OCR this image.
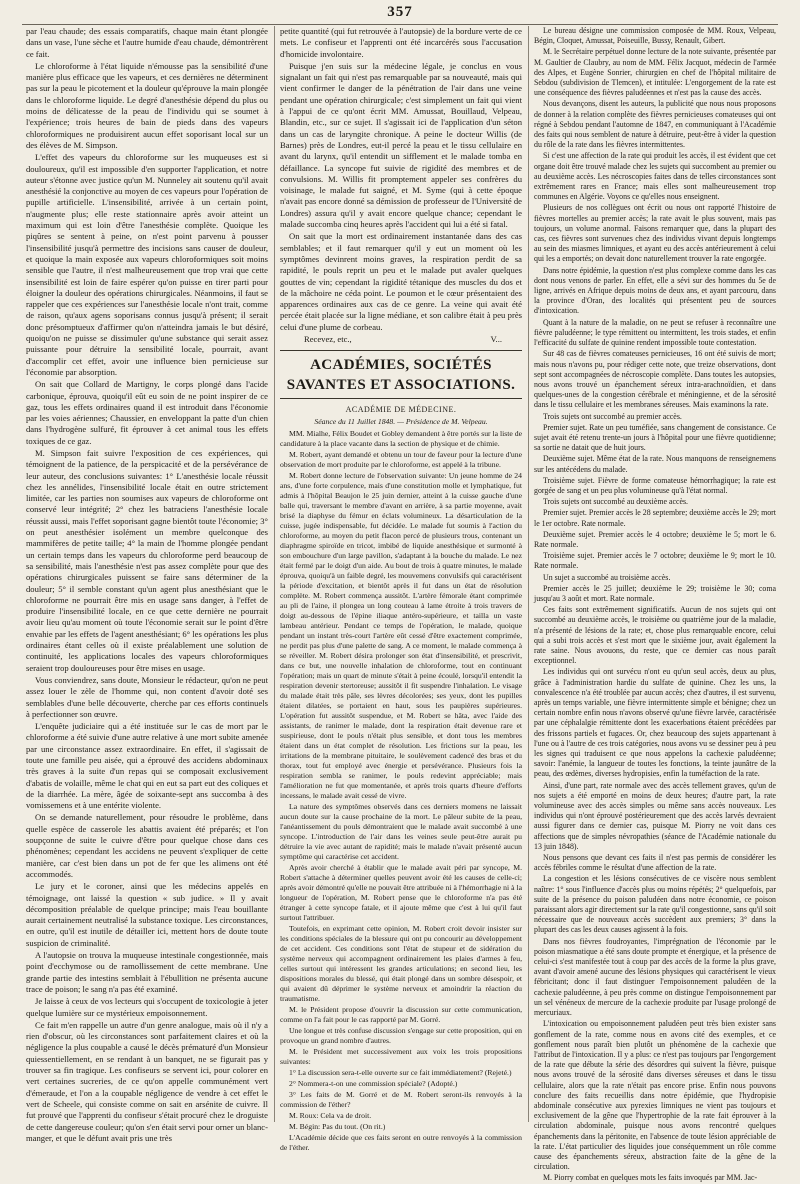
357

par l'eau chaude; des essais comparatifs, chaque main étant plongée dans un vase, l'une sèche et l'autre humide d'eau chaude, démontrèrent ce fait.

Le chloroforme à l'état liquide n'émousse pas la sensibilité d'une manière plus efficace que les vapeurs, et ces dernières ne déterminent pas sur la peau le picotement et la douleur qu'éprouve la main plongée dans le chloroforme liquide. Le degré d'anesthésie dépend du plus ou moins de délicatesse de la peau de l'individu qui se soumet à l'expérience; trois heures de bain de pieds dans des vapeurs chloroformiques ne produisirent aucun effet soporisant local sur un des élèves de M. Simpson.

L'effet des vapeurs du chloroforme sur les muqueuses est si douloureux, qu'il est impossible d'en supporter l'application, et notre auteur s'étonne avec justice qu'un M. Nunneley ait soutenu qu'il avait anesthésié la conjonctive au moyen de ces vapeurs pour l'opération de pupille artificielle. L'insensibilité, arrivée à un certain point, n'augmente plus; elle reste stationnaire après avoir atteint un maximum qui est loin d'être l'anesthésie complète. Quoique les piqûres se sentent à peine, on n'est point parvenu à pousser l'insensibilité jusqu'à permettre des incisions sans causer de douleur, et quoique la main exposée aux vapeurs chloroformiques soit moins sensible que l'autre, il n'est malheureusement que trop vrai que cette insensibilité est loin de faire espérer qu'on puisse en tirer parti pour éloigner la douleur des opérations chirurgicales. Néanmoins, il faut se rappeler que ces expériences sur l'anesthésie locale n'ont trait, comme de raison, qu'aux agens soporisans connus jusqu'à présent; il serait donc présomptueux d'affirmer qu'on n'atteindra jamais le but désiré, quoiqu'on ne puisse se dissimuler qu'une substance qui serait assez puissante pour détruire la sensibilité locale, pourrait, avant d'accomplir cet effet, avoir une influence bien pernicieuse sur l'économie par absorption.

On sait que Collard de Martigny, le corps plongé dans l'acide carbonique, éprouva, quoiqu'il eût eu soin de ne point inspirer de ce gaz, tous les effets ordinaires quand il est introduit dans l'économie par les voies aériennes; Chaussier, en enveloppant la patte d'un chien dans l'hydrogène sulfuré, fit éprouver à cet animal tous les effets toxiques de ce gaz.

M. Simpson fait suivre l'exposition de ces expériences, qui témoignent de la patience, de la perspicacité et de la persévérance de leur auteur, des conclusions suivantes: 1° L'anesthésie locale réussit chez les annélides, l'insensibilité locale était en outre strictement limitée, car les parties non soumises aux vapeurs de chloroforme ont conservé leur intégrité; 2° chez les batraciens l'anesthésie locale réussit aussi, mais l'effet soporisant gagne bientôt toute l'économie; 3° on peut anesthésier isolément un membre quelconque des mammifères de petite taille; 4° la main de l'homme plongée pendant un certain temps dans les vapeurs du chloroforme perd beaucoup de sa sensibilité, mais l'anesthésie n'est pas assez complète pour que des opérations chirurgicales puissent se faire sans déterminer de la douleur; 5° il semble constant qu'un agent plus anesthésiant que le chloroforme ne pourrait être mis en usage sans danger, à l'effet de produire l'insensibilité locale, en ce que cette dernière ne pourrait avoir lieu qu'au moment où toute l'économie serait sur le point d'être envahie par les effets de l'agent anesthésiant; 6° les opérations les plus ordinaires étant celles où il existe préalablement une solution de continuité, les applications locales des vapeurs chloroformiques seraient trop douloureuses pour être mises en usage.

Vous conviendrez, sans doute, Monsieur le rédacteur, qu'on ne peut assez louer le zèle de l'homme qui, non content d'avoir doté ses semblables d'une belle découverte, cherche par ces efforts continuels à perfectionner son œuvre.

L'enquête judiciaire qui a été instituée sur le cas de mort par le chloroforme a été suivie d'une autre relative à une mort subite amenée par une circonstance assez extraordinaire. En effet, il s'agissait de toute une famille peu aisée, qui a éprouvé des accidens abdominaux très graves à la suite d'un repas qui se composait exclusivement d'abatis de volaille, même le chat qui en eut sa part eut des coliques et de la diarrhée. La mère, âgée de soixante-sept ans succomba à des vomissemens et à une entérite violente.

On se demande naturellement, pour résoudre le problème, dans quelle espèce de casserole les abattis avaient été préparés; et l'on soupçonne de suite le cuivre d'être pour quelque chose dans ces phénomènes; cependant les accidens ne peuvent s'expliquer de cette manière, car c'est bien dans un pot de fer que les alimens ont été accommodés.

Le jury et le coroner, ainsi que les médecins appelés en témoignage, ont laissé la question « sub judice. » Il y avait décomposition préalable de quelque principe; mais l'eau bouillante aurait certainement neutralisé la substance toxique. Les circonstances, en outre, qu'il est inutile de détailler ici, mettent hors de doute toute suspicion de criminalité.

A l'autopsie on trouva la muqueuse intestinale congestionnée, mais point d'ecchymose ou de ramollissement de cette membrane. Une grande partie des intestins semblait à l'ébullition ne présenta aucune trace de poison; le sang n'a pas été examiné.

Je laisse à ceux de vos lecteurs qui s'occupent de toxicologie à jeter quelque lumière sur ce mystérieux empoisonnement.

Ce fait m'en rappelle un autre d'un genre analogue, mais où il n'y a rien d'obscur, où les circonstances sont parfaitement claires et où la négligence la plus coupable a causé le décès prématuré d'un Monsieur quiessentiellement, en se rendant à un banquet, ne se figurait pas y trouver sa fin tragique. Les confiseurs se servent ici, pour colorer en vert certaines sucreries, de ce qu'on appelle communément vert d'émeraude, et l'on a la coupable négligence de vendre à cet effet le vert de Scheele, qui consiste comme on sait en arsénite de cuivre. Il fut prouvé que l'apprenti du confiseur s'était procuré chez le droguiste de cette dangereuse couleur; qu'on s'en était servi pour orner un blanc-manger, et que le défunt avait pris une très

petite quantité (qui fut retrouvée à l'autopsie) de la bordure verte de ce mets. Le confiseur et l'apprenti ont été incarcérés sous l'accusation d'homicide involontaire.

Puisque j'en suis sur la médecine légale, je conclus en vous signalant un fait qui n'est pas remarquable par sa nouveauté, mais qui vient confirmer le danger de la pénétration de l'air dans une veine pendant une opération chirurgicale; c'est simplement un fait qui vient à l'appui de ce qu'ont écrit MM. Amussat, Bouillaud, Velpeau, Blandin, etc., sur ce sujet. Il s'agissait ici de l'application d'un séton dans un cas de laryngite chronique. A peine le docteur Willis (de Barnes) près de Londres, eut-il percé la peau et le tissu cellulaire en avant du larynx, qu'il entendit un sifflement et le malade tomba en défaillance. La syncope fut suivie de rigidité des membres et de convulsions. M. Willis fit promptement appeler ses confrères du voisinage, le malade fut saigné, et M. Syme (qui à cette époque n'avait pas encore donné sa démission de professeur de l'Université de Londres) assura qu'il y avait encore quelque chance; cependant le malade succomba cinq heures après l'accident qui lui a été si fatal.

On sait que la mort est ordinairement instantanée dans des cas semblables; et il faut remarquer qu'il y eut un moment où les symptômes devinrent moins graves, la respiration perdit de sa rapidité, le pouls reprit un peu et le malade put avaler quelques gouttes de vin; cependant la rigidité tétanique des muscles du dos et de la mâchoire ne céda point. Le poumon et le cœur présentaient des apparences ordinaires aux cas de ce genre. La veine qui avait été percée était placée sur la ligne médiane, et son calibre était à peu près celui d'une plume de corbeau.

Recevez, etc.,	V...

ACADÉMIES, SOCIÉTÉS SAVANTES ET ASSOCIATIONS.
ACADÉMIE DE MÉDECINE.
Séance du 11 Juillet 1848. — Présidence de M. Velpeau.

MM. Mialhe, Félix Boudet et Gobley demandent à être portés sur la liste de candidature à la place vacante dans la section de physique et de chimie.

M. Robert, ayant demandé et obtenu un tour de faveur pour la lecture d'une observation de mort produite par le chloroforme, est appelé à la tribune.

M. Robert donne lecture de l'observation suivante: Un jeune homme de 24 ans, d'une forte corpulence, mais d'une constitution molle et lymphatique, fut admis à l'hôpital Beaujon le 25 juin dernier, atteint à la cuisse gauche d'une balle qui, traversant le membre d'avant en arrière, à sa partie moyenne, avait brisé la diaphyse du fémur en éclats volumineux. La désarticulation de la cuisse, jugée indispensable, fut décidée. Le malade fut soumis à l'action du chloroforme, au moyen du petit flacon percé de plusieurs trous, contenant un diaphragme spiroïde en tricot, imbibé de liquide anesthésique et surmonté à son embouchure d'un large pavillon, s'adaptant à la bouche du malade. Le nez était fermé par le doigt d'un aide. Au bout de trois à quatre minutes, le malade éprouva, quoiqu'à un faible degré, les mouvemens convulsifs qui caractérisent la période d'excitation, et bientôt après il fut dans un état de résolution complète. M. Robert commença aussitôt. L'artère fémorale étant comprimée au pli de l'aine, il plongea un long couteau à lame étroite à trois travers de doigt au-dessous de l'épine iliaque antéro-supérieure, et tailla un vaste lambeau antérieur. Pendant ce temps de l'opération, le malade, quoique pendant un instant très-court l'artère eût cessé d'être exactement comprimée, ne perdit pas plus d'une palette de sang. A ce moment, le malade commença à se réveiller. M. Robert désira prolonger son état d'insensibilité, et prescrivit, dans ce but, une nouvelle inhalation de chloroforme, tout en continuant l'opération; mais un quart de minute s'était à peine écoulé, lorsqu'il entendit la respiration devenir stertoreuse; aussitôt il fit suspendre l'inhalation. Le visage du malade était très pâle, ses lèvres décolorées; ses yeux, dont les pupilles étaient dilatées, se portaient en haut, sous les paupières supérieures. L'opération fut aussitôt suspendue, et M. Robert se hâta, avec l'aide des assistants, de ranimer le malade, dont la respiration était devenue rare et suspirieuse, dont le pouls n'était plus sensible, et dont tous les membres étaient dans un état complet de résolution. Les frictions sur la peau, les irritations de la membrane pituitaire, le soulèvement cadencé des bras et du thorax, tout fut employé avec énergie et persévérance. Plusieurs fois la respiration sembla se ranimer, le pouls redevint appréciable; mais l'amélioration ne fut que momentanée, et après trois quarts d'heure d'efforts incessans, le malade avait cessé de vivre.

La nature des symptômes observés dans ces derniers momens ne laissait aucun doute sur la cause prochaine de la mort. Le pâleur subite de la peau, l'anéantissement du pouls démontraient que le malade avait succombé à une syncope. L'introduction de l'air dans les veines seule peut-être aurait pu détruire la vie avec autant de rapidité; mais le malade n'avait présenté aucun symptôme qui caractérise cet accident.

Après avoir cherché à établir que le malade avait péri par syncope, M. Robert s'attache à déterminer quelles peuvent avoir été les causes de celle-ci; après avoir démontré qu'elle ne pouvait être attribuée ni à l'hémorrhagie ni à la longueur de l'opération, M. Robert pense que le chloroforme n'a pas été étranger à cette syncope fatale, et il ajoute même que c'est à lui qu'il faut surtout l'attribuer.

Toutefois, en exprimant cette opinion, M. Robert croit devoir insister sur les conditions spéciales de la blessure qui ont pu concourir au développement de cet accident. Ces conditions sont l'état de stupeur et de sidération du système nerveux qui accompagnent ordinairement les plaies d'armes à feu, celles surtout qui intéressent les grandes articulations; en second lieu, les dispositions morales du blessé, qui était plongé dans un sombre désespoir, et qui avaient dû déprimer le système nerveux et amoindrir la réaction du traumatisme.

M. le Président propose d'ouvrir la discussion sur cette communication, comme on l'a fait pour le cas rapporté par M. Gorré.

Une longue et très confuse discussion s'engage sur cette proposition, qui en provoque un grand nombre d'autres.

M. le Président met successivement aux voix les trois propositions suivantes:

1° La discussion sera-t-elle ouverte sur ce fait immédiatement? (Rejeté.)

2° Nommera-t-on une commission spéciale? (Adopté.)

3° Les faits de M. Gorré et de M. Robert seront-ils renvoyés à la commission de l'éther?

M. Roux: Cela va de droit.

M. Bégin: Pas du tout. (On rit.)

L'Académie décide que ces faits seront en outre renvoyés à la commission de l'éther.

Le bureau désigne une commission composée de MM. Roux, Velpeau, Bégin, Cloquet, Amussat, Poiseuille, Bussy, Renault, Gibert.

M. le Secrétaire perpétuel donne lecture de la note suivante, présentée par M. Gaultier de Claubry, au nom de MM. Félix Jacquot, médecin de l'armée des Alpes, et Eugène Sonrier, chirurgien en chef de l'hôpital militaire de Sebdou (subdivision de Tlemcen), et intitulée: L'engorgement de la rate est une conséquence des fièvres paludéennes et n'est pas la cause des accès.

Nous devançons, disent les auteurs, la publicité que nous nous proposons de donner à la relation complète des fièvres pernicieuses comateuses qui ont régné à Sebdou pendant l'automne de 1847, en communiquant à l'Académie des faits qui nous semblent de nature à détruire, peut-être à vider la question du rôle de la rate dans les fièvres intermittentes.

Si c'est une affection de la rate qui produit les accès, il est évident que cet organe doit être trouvé malade chez les sujets qui succombent au premier ou au deuxième accès. Les nécroscopies faites dans de telles circonstances sont extrêmement rares en France; mais elles sont malheureusement trop communes en Algérie. Voyons ce qu'elles nous enseignent.

Plusieurs de nos collègues ont écrit ou nous ont rapporté l'histoire de fièvres mortelles au premier accès; la rate avait le plus souvent, mais pas toujours, un volume anormal. Faisons remarquer que, dans la plupart des cas, ces fièvres sont survenues chez des individus vivant depuis longtemps au sein des miasmes limniques, et ayant eu des accès antérieurement à celui qui les a emportés; on devait donc naturellement trouver la rate engorgée.

Dans notre épidémie, la question n'est plus complexe comme dans les cas dont nous venons de parler. En effet, elle a sévi sur des hommes du 5e de ligne, arrivés en Afrique depuis moins de deux ans, et ayant parcouru, dans la province d'Oran, des localités qui présentent peu de sources d'intoxication.

Quant à la nature de la maladie, on ne peut se refuser à reconnaître une fièvre paludéenne; le type rémittent ou intermittent, les trois stades, et enfin l'efficacité du sulfate de quinine rendent impossible toute contestation.

Sur 48 cas de fièvres comateuses pernicieuses, 16 ont été suivis de mort; mais nous n'avons pu, pour rédiger cette note, que treize observations, dont sept sont accompagnées de nécroscopie complète. Dans toutes les autopsies, nous avons trouvé un épanchement séreux intra-arachnoïdien, et dans quelques-unes de la congestion cérébrale et méningienne, et de la sérosité dans le tissu cellulaire et les membranes séreuses. Mais examinons la rate.

Trois sujets ont succombé au premier accès.

Premier sujet. Rate un peu tuméfiée, sans changement de consistance. Ce sujet avait été retenu trente-un jours à l'hôpital pour une fièvre quotidienne; sa sortie ne datait que de huit jours.

Deuxième sujet. Même état de la rate. Nous manquons de renseignemens sur les antécédens du malade.

Troisième sujet. Fièvre de forme comateuse hémorrhagique; la rate est gorgée de sang et un peu plus volumineuse qu'à l'état normal.

Trois sujets ont succombé au deuxième accès.

Premier sujet. Premier accès le 28 septembre; deuxième accès le 29; mort le 1er octobre. Rate normale.

Deuxième sujet. Premier accès le 4 octobre; deuxième le 5; mort le 6. Rate normale.

Troisième sujet. Premier accès le 7 octobre; deuxième le 9; mort le 10. Rate normale.

Un sujet a succombé au troisième accès.

Premier accès le 25 juillet; deuxième le 29; troisième le 30; coma jusqu'au 3 août et mort. Rate normale.

Ces faits sont extrêmement significatifs. Aucun de nos sujets qui ont succombé au deuxième accès, le troisième ou quatrième jour de la maladie, n'a présenté de lésions de la rate; et, chose plus remarquable encore, celui qui a subi trois accès et s'est mort que le sixième jour, avait également la rate saine. Nous avouons, du reste, que ce dernier cas nous paraît exceptionnel.

Les individus qui ont survécu n'ont eu qu'un seul accès, deux au plus, grâce à l'administration hardie du sulfate de quinine. Chez les uns, la convalescence n'a été troublée par aucun accès; chez d'autres, il est survenu, après un temps variable, une fièvre intermittente simple et bénigne; chez un certain nombre enfin nous n'avons observé qu'une fièvre larvée, caractérisée par une céphalalgie rémittente dont les exacerbations étaient précédées par des frissons partiels et fugaces. Or, chez beaucoup des sujets appartenant à l'une ou à l'autre de ces trois catégories, nous avons vu se dessiner peu à peu les signes qui traduisent ce que nous appelons la cachexie paludéenne; savoir: l'anémie, la langueur de toutes les fonctions, la teinte jaunâtre de la peau, des œdèmes, diverses hydropisies, enfin la tuméfaction de la rate.

Ainsi, d'une part, rate normale avec des accès tellement graves, qu'un de nos sujets a été emporté en moins de deux heures; d'autre part, la rate volumineuse avec des accès simples ou même sans accès nouveaux. Les individus qui n'ont éprouvé postérieurement que des accès larvés devraient aussi figurer dans ce dernier cas, puisque M. Piorry ne voit dans ces affections que de simples névropathies (séance de l'Académie nationale du 13 juin 1848).

Nous pensons que devant ces faits il n'est pas permis de considérer les accès fébriles comme le résultat d'une affection de la rate.

La congestion et les lésions consécutives de ce viscère nous semblent naître: 1° sous l'influence d'accès plus ou moins répétés; 2° quelquefois, par suite de la présence du poison paludéen dans notre économie, ce poison paraissant alors agir directement sur la rate qu'il congestionne, sans qu'il soit nécessaire que de nouveaux accès succèdent aux premiers; 3° dans la plupart des cas les deux causes agissent à la fois.

Dans nos fièvres foudroyantes, l'imprégnation de l'économie par le poison miasmatique a été sans doute prompte et énergique, et la présence de celui-ci s'est manifestée tout à coup par des accès de la forme la plus grave, avant d'avoir amené aucune des lésions physiques qui caractérisent le vieux fébricitant; donc il faut distinguer l'empoisonnement paludéen de la cachexie paludéenne, à peu près comme on distingue l'empoisonnement par un sel vénéneux de mercure de la cachexie produite par l'usage prolongé de mercuriaux.

L'intoxication ou empoisonnement paludéen peut très bien exister sans gonflement de la rate, comme nous en avons cité des exemples, et ce gonflement nous paraît bien plutôt un phénomène de la cachexie que l'attribut de l'intoxication. Il y a plus: ce n'est pas toujours par l'engorgement de la rate que débute la série des désordres qui suivent la fièvre, puisque nous avons trouvé de la sérosité dans diverses séreuses et dans le tissu cellulaire, alors que la rate n'était pas encore prise. Enfin nous pouvons conclure des faits recueillis dans notre épidémie, que l'hydropisie abdominale consécutive aux pyrexies limniques ne vient pas toujours et exclusivement de la gêne que l'hypertrophie de la rate fait éprouver à la circulation abdominale, puisque nous avons rencontré quelques épanchements dans la péritonite, en l'absence de toute lésion appréciable de la rate. L'état particulier des liquides joue conséquemment un rôle comme cause des épanchements séreux, abstraction faite de la gêne de la circulation.

M. Piorry combat en quelques mots les faits invoqués par MM. Jac-
